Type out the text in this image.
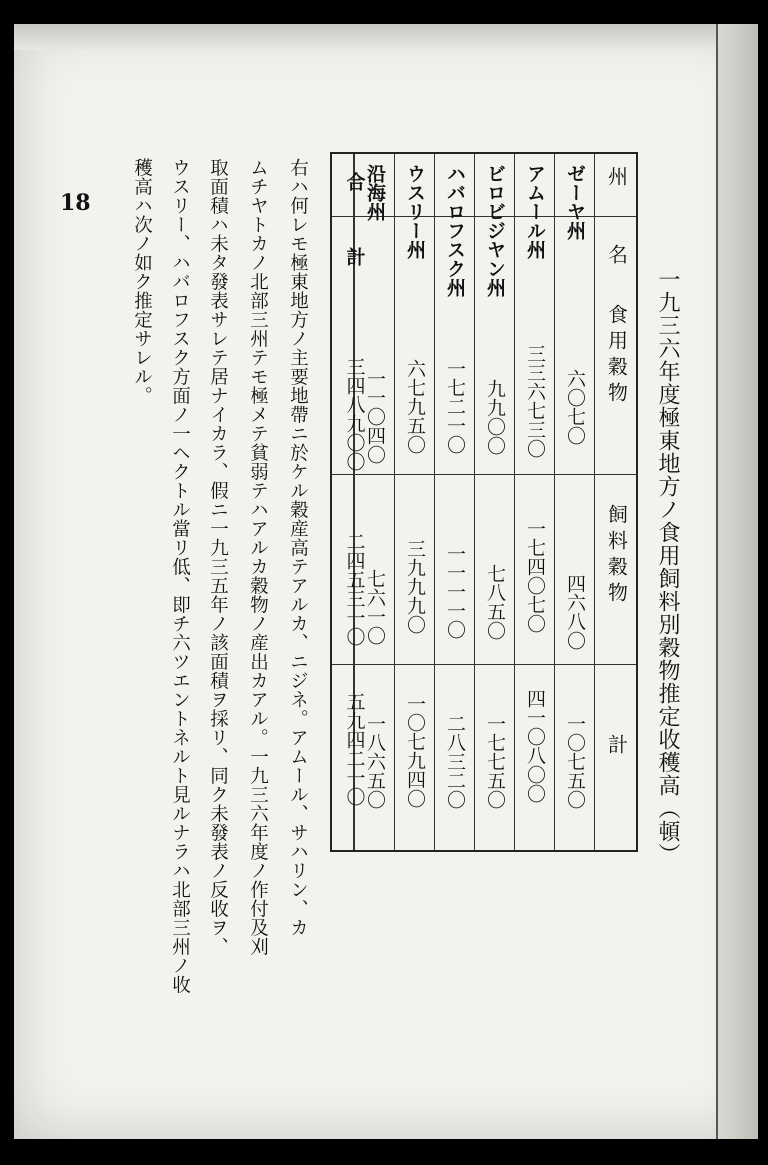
18
一九三六年度極東地方ノ食用飼料別穀物推定收穫高（頓）
州　　名
食用穀物
飼料穀物
計
ゼーヤ州
六〇七〇
四六八〇
一〇七五〇
アムール州
三三六七三〇
一七四〇七〇
四一〇八〇〇
ビロビジヤン州
九九〇〇
七八五〇
一七七五〇
ハバロフスク州
一七二一〇
一一一一〇
二八三二〇
ウスリー州
六七九五〇
三九九九〇
一〇七九四〇
沿海州
一一〇四〇
七六一〇
一八六五〇
合　　計
三四八九〇〇
二四五三一〇
五九四二一〇
右ハ何レモ極東地方ノ主要地帶ニ於ケル穀産高テアルカ、ニジネ。アムール、サハリン、カ
ムチヤトカノ北部三州テモ極メテ貧弱テハアルカ穀物ノ産出カアル。一九三六年度ノ作付及刈
取面積ハ未タ發表サレテ居ナイカラ、假ニ一九三五年ノ該面積ヲ採リ、同ク未發表ノ反收ヲ、
ウスリー、ハバロフスク方面ノ一ヘクトル當リ低、即チ六ツエントネルト見ルナラハ北部三州ノ收
穫高ハ次ノ如ク推定サレル。
